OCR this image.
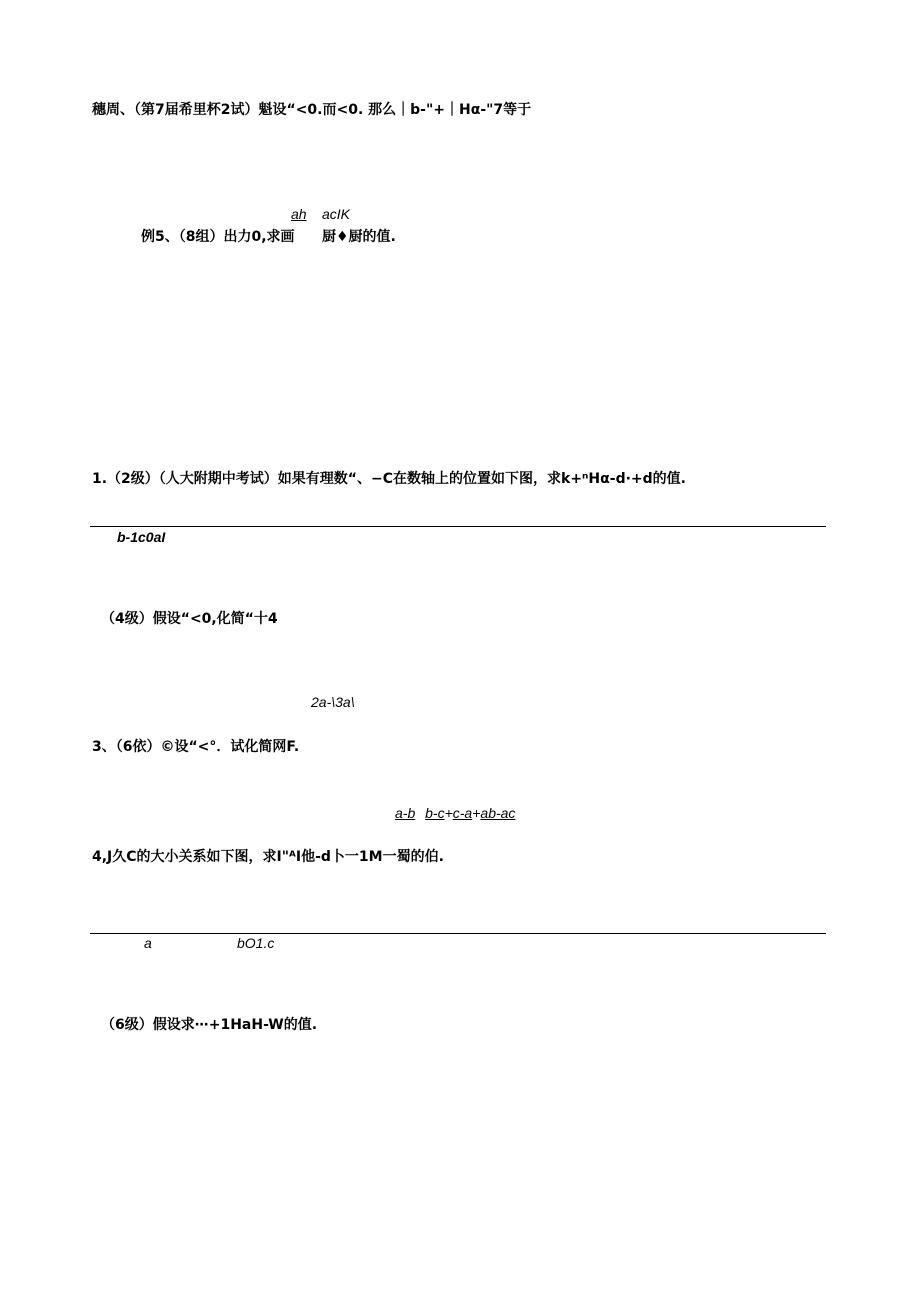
穗周、（第7届希里杯2试）魁设“<0.而<0. 那么｜b-"+｜Hα-"7等于
ah acIK
例5、（8组）出力0,求画 厨♦厨的值.
1.（2级）（人大附期中考试）如果有理数“、−C在数轴上的位置如下图，求k+ⁿHα-d∙+d的值.
b-1c0aI
（4级）假设“<0,化简“十4
2a-\3a\
3、（6依）©设“<°．试化简网F.
a-b b-c+c-a+ab-ac
4,J久C的大小关系如下图，求I"ᴬI他-d卜一1M一蜀的伯.
a	bO1.c
（6级）假设求⋯+1HaH-W的值.
